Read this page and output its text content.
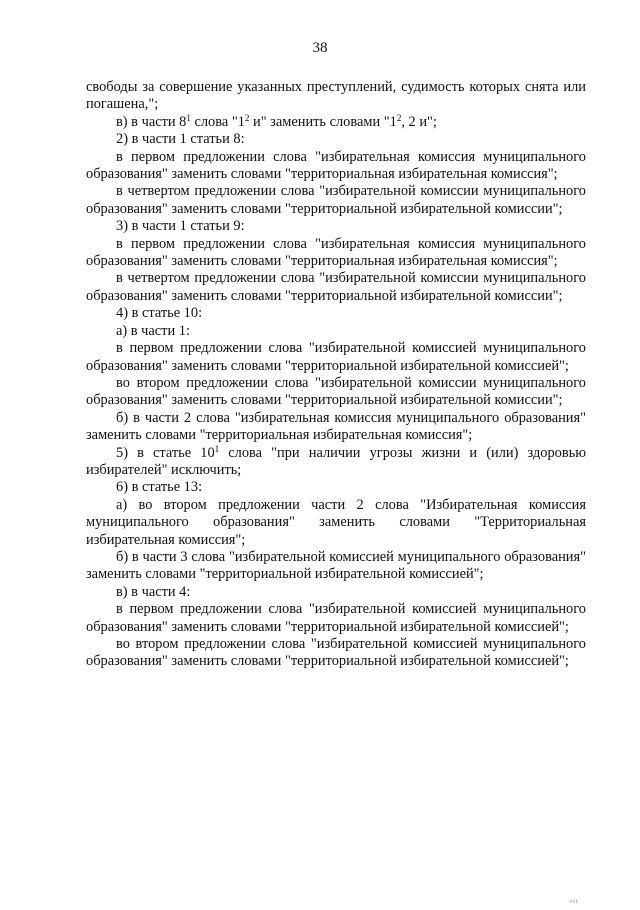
38

свободы за совершение указанных преступлений, судимость которых снята или погашена,";

в) в части $8^1$ слова "$1^2$ и" заменить словами "$1^2$, 2 и";

2) в части 1 статьи 8:

в первом предложении слова "избирательная комиссия муниципального образования" заменить словами "территориальная избирательная комиссия";

в четвертом предложении слова "избирательной комиссии муниципального образования" заменить словами "территориальной избирательной комиссии";

3) в части 1 статьи 9:

в первом предложении слова "избирательная комиссия муниципального образования" заменить словами "территориальная избирательная комиссия";

в четвертом предложении слова "избирательной комиссии муниципального образования" заменить словами "территориальной избирательной комиссии";

4) в статье 10:

а) в части 1:

в первом предложении слова "избирательной комиссией муниципального образования" заменить словами "территориальной избирательной комиссией";

во втором предложении слова "избирательной комиссии муниципального образования" заменить словами "территориальной избирательной комиссии";

б) в части 2 слова "избирательная комиссия муниципального образования" заменить словами "территориальная избирательная комиссия";

5) в статье $10^1$ слова "при наличии угрозы жизни и (или) здоровью избирателей" исключить;

6) в статье 13:

а) во втором предложении части 2 слова "Избирательная комиссия муниципального образования" заменить словами "Территориальная избирательная комиссия";

б) в части 3 слова "избирательной комиссией муниципального образования" заменить словами "территориальной избирательной комиссией";

в) в части 4:

в первом предложении слова "избирательной комиссией муниципального образования" заменить словами "территориальной избирательной комиссией";

во втором предложении слова "избирательной комиссией муниципального образования" заменить словами "территориальной избирательной комиссией";

ııı
